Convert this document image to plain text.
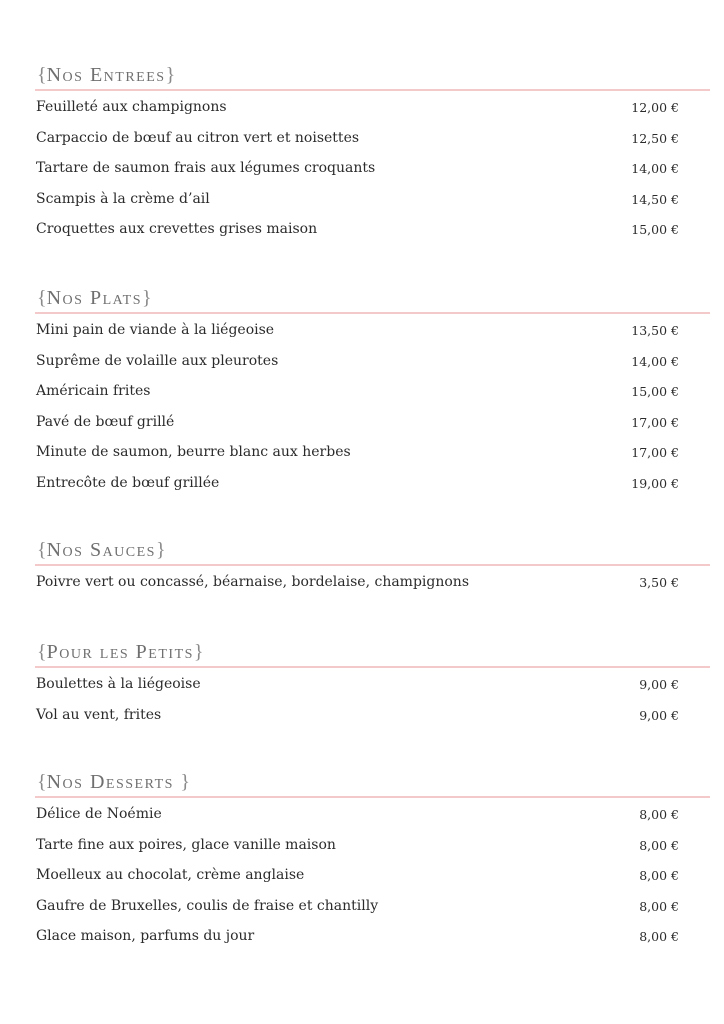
{Nos Entrees}
Feuilleté aux champignons	12,00 €
Carpaccio de bœuf au citron vert et noisettes	12,50 €
Tartare de saumon frais aux légumes croquants	14,00 €
Scampis à la crème d’ail	14,50 €
Croquettes aux crevettes grises maison	15,00 €
{Nos Plats}
Mini pain de viande à la liégeoise	13,50 €
Suprême de volaille aux pleurotes	14,00 €
Américain frites	15,00 €
Pavé de bœuf grillé	17,00 €
Minute de saumon, beurre blanc aux herbes	17,00 €
Entrecôte de bœuf grillée	19,00 €
{Nos Sauces}
Poivre vert ou concassé, béarnaise, bordelaise, champignons	3,50 €
{Pour les Petits}
Boulettes à la liégeoise	9,00 €
Vol au vent, frites	9,00 €
{Nos Desserts }
Délice de Noémie	8,00 €
Tarte fine aux poires, glace vanille maison	8,00 €
Moelleux au chocolat, crème anglaise	8,00 €
Gaufre de Bruxelles, coulis de fraise et chantilly	8,00 €
Glace maison, parfums du jour	8,00 €
